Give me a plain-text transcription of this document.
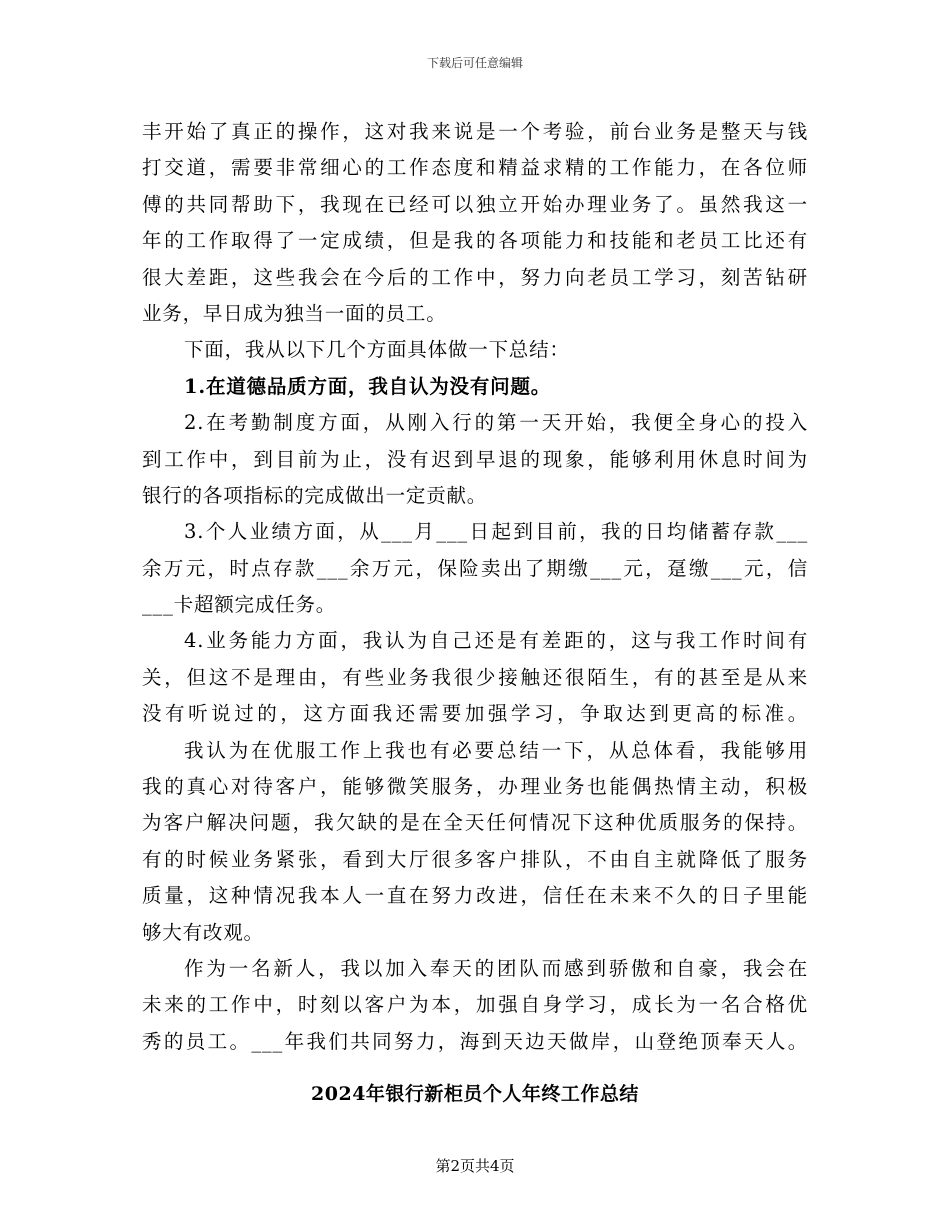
下载后可任意编辑
丰开始了真正的操作，这对我来说是一个考验，前台业务是整天与钱
打交道，需要非常细心的工作态度和精益求精的工作能力，在各位师
傅的共同帮助下，我现在已经可以独立开始办理业务了。虽然我这一
年的工作取得了一定成绩，但是我的各项能力和技能和老员工比还有
很大差距，这些我会在今后的工作中，努力向老员工学习，刻苦钻研
业务，早日成为独当一面的员工。
下面，我从以下几个方面具体做一下总结：
1.在道德品质方面，我自认为没有问题。
2.在考勤制度方面，从刚入行的第一天开始，我便全身心的投入
到工作中，到目前为止，没有迟到早退的现象，能够利用休息时间为
银行的各项指标的完成做出一定贡献。
3.个人业绩方面，从___月___日起到目前，我的日均储蓄存款___
余万元，时点存款___余万元，保险卖出了期缴___元，趸缴___元，信
___卡超额完成任务。
4.业务能力方面，我认为自己还是有差距的，这与我工作时间有
关，但这不是理由，有些业务我很少接触还很陌生，有的甚至是从来
没有听说过的，这方面我还需要加强学习，争取达到更高的标准。
我认为在优服工作上我也有必要总结一下，从总体看，我能够用
我的真心对待客户，能够微笑服务，办理业务也能偶热情主动，积极
为客户解决问题，我欠缺的是在全天任何情况下这种优质服务的保持。
有的时候业务紧张，看到大厅很多客户排队，不由自主就降低了服务
质量，这种情况我本人一直在努力改进，信任在未来不久的日子里能
够大有改观。
作为一名新人，我以加入奉天的团队而感到骄傲和自豪，我会在
未来的工作中，时刻以客户为本，加强自身学习，成长为一名合格优
秀的员工。___年我们共同努力，海到天边天做岸，山登绝顶奉天人。
2024年银行新柜员个人年终工作总结
第2页共4页
